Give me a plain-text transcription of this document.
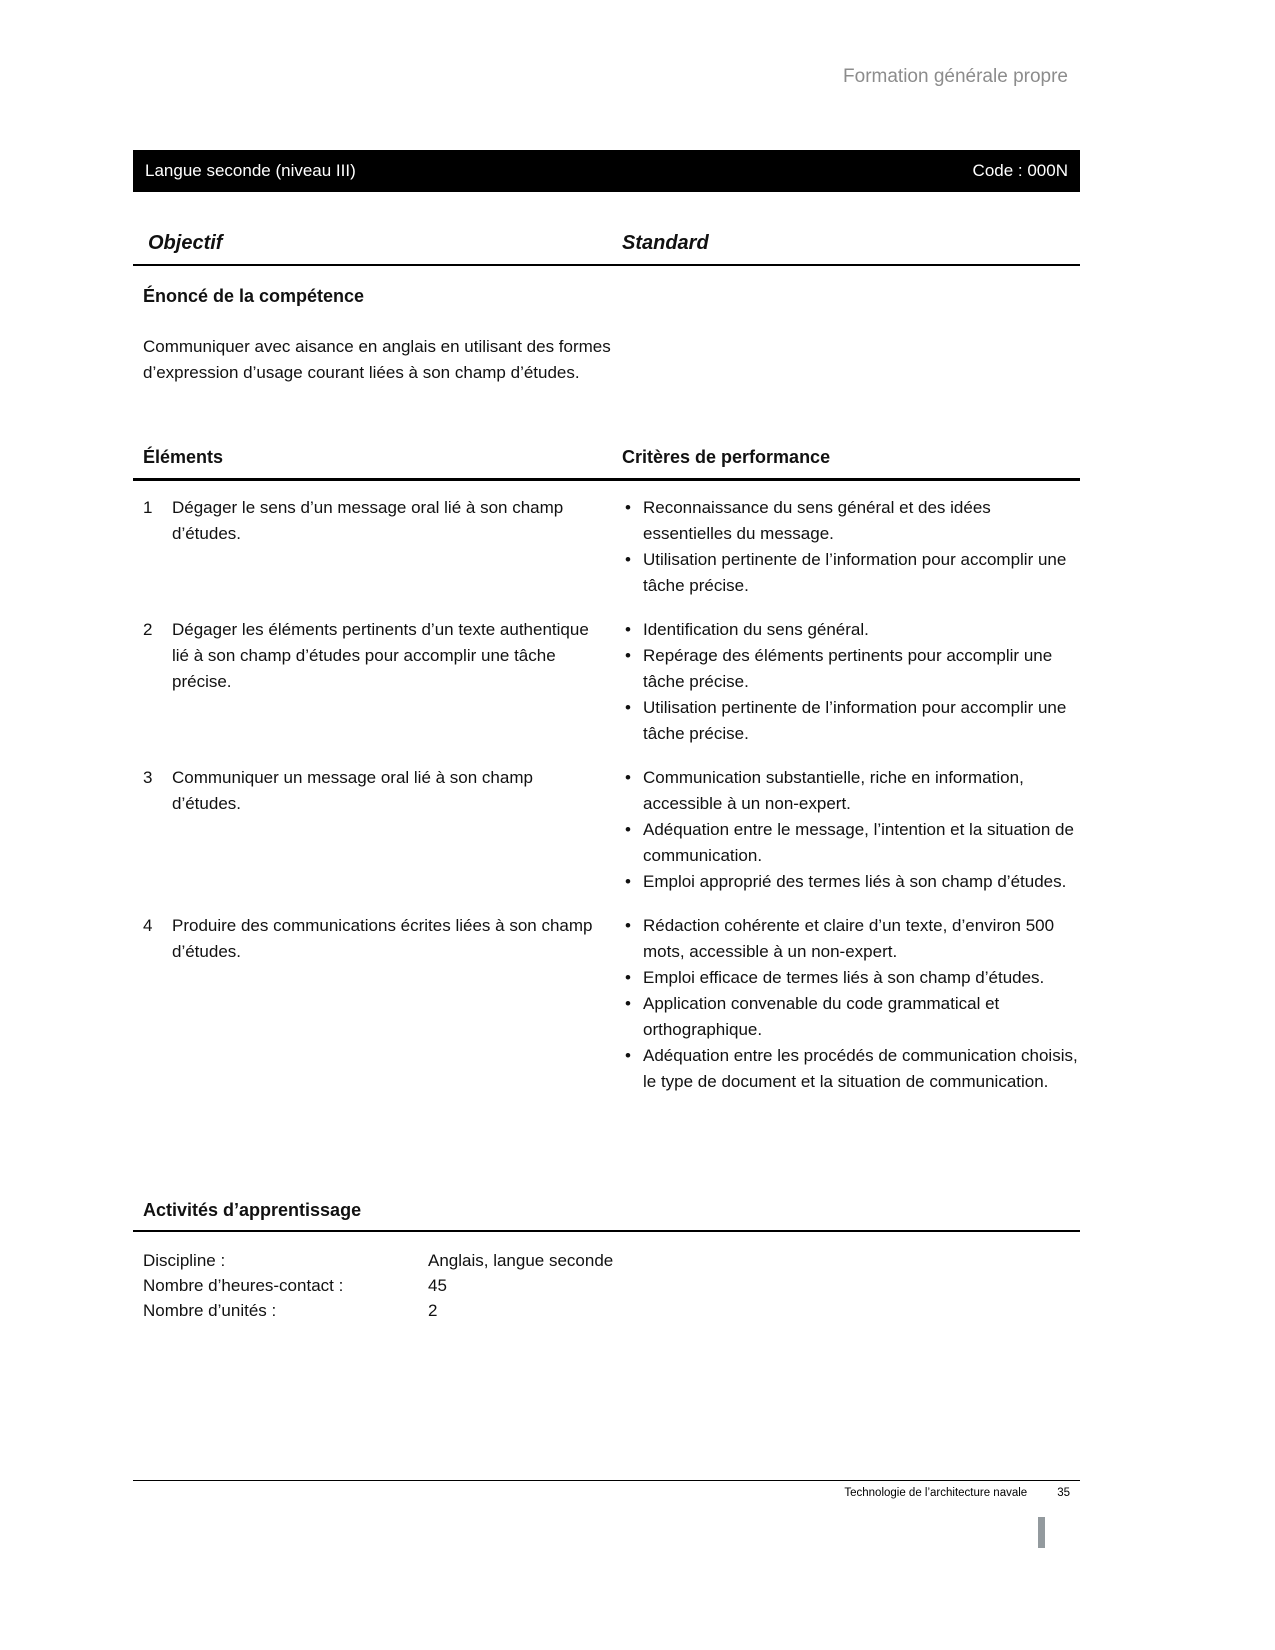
Formation générale propre
Langue seconde (niveau III)	Code : 000N
Objectif	Standard
Énoncé de la compétence
Communiquer avec aisance en anglais en utilisant des formes d’expression d’usage courant liées à son champ d’études.
Éléments	Critères de performance
1	Dégager le sens d’un message oral lié à son champ d’études.
• Reconnaissance du sens général et des idées essentielles du message.
• Utilisation pertinente de l’information pour accomplir une tâche précise.
2	Dégager les éléments pertinents d’un texte authentique lié à son champ d’études pour accomplir une tâche précise.
• Identification du sens général.
• Repérage des éléments pertinents pour accomplir une tâche précise.
• Utilisation pertinente de l’information pour accomplir une tâche précise.
3	Communiquer un message oral lié à son champ d’études.
• Communication substantielle, riche en information, accessible à un non-expert.
• Adéquation entre le message, l’intention et la situation de communication.
• Emploi approprié des termes liés à son champ d’études.
4	Produire des communications écrites liées à son champ d’études.
• Rédaction cohérente et claire d’un texte, d’environ 500 mots, accessible à un non-expert.
• Emploi efficace de termes liés à son champ d’études.
• Application convenable du code grammatical et orthographique.
• Adéquation entre les procédés de communication choisis, le type de document et la situation de communication.
Activités d’apprentissage
Discipline :	Anglais, langue seconde
Nombre d’heures-contact :	45
Nombre d’unités :	2
Technologie de l’architecture navale	35
